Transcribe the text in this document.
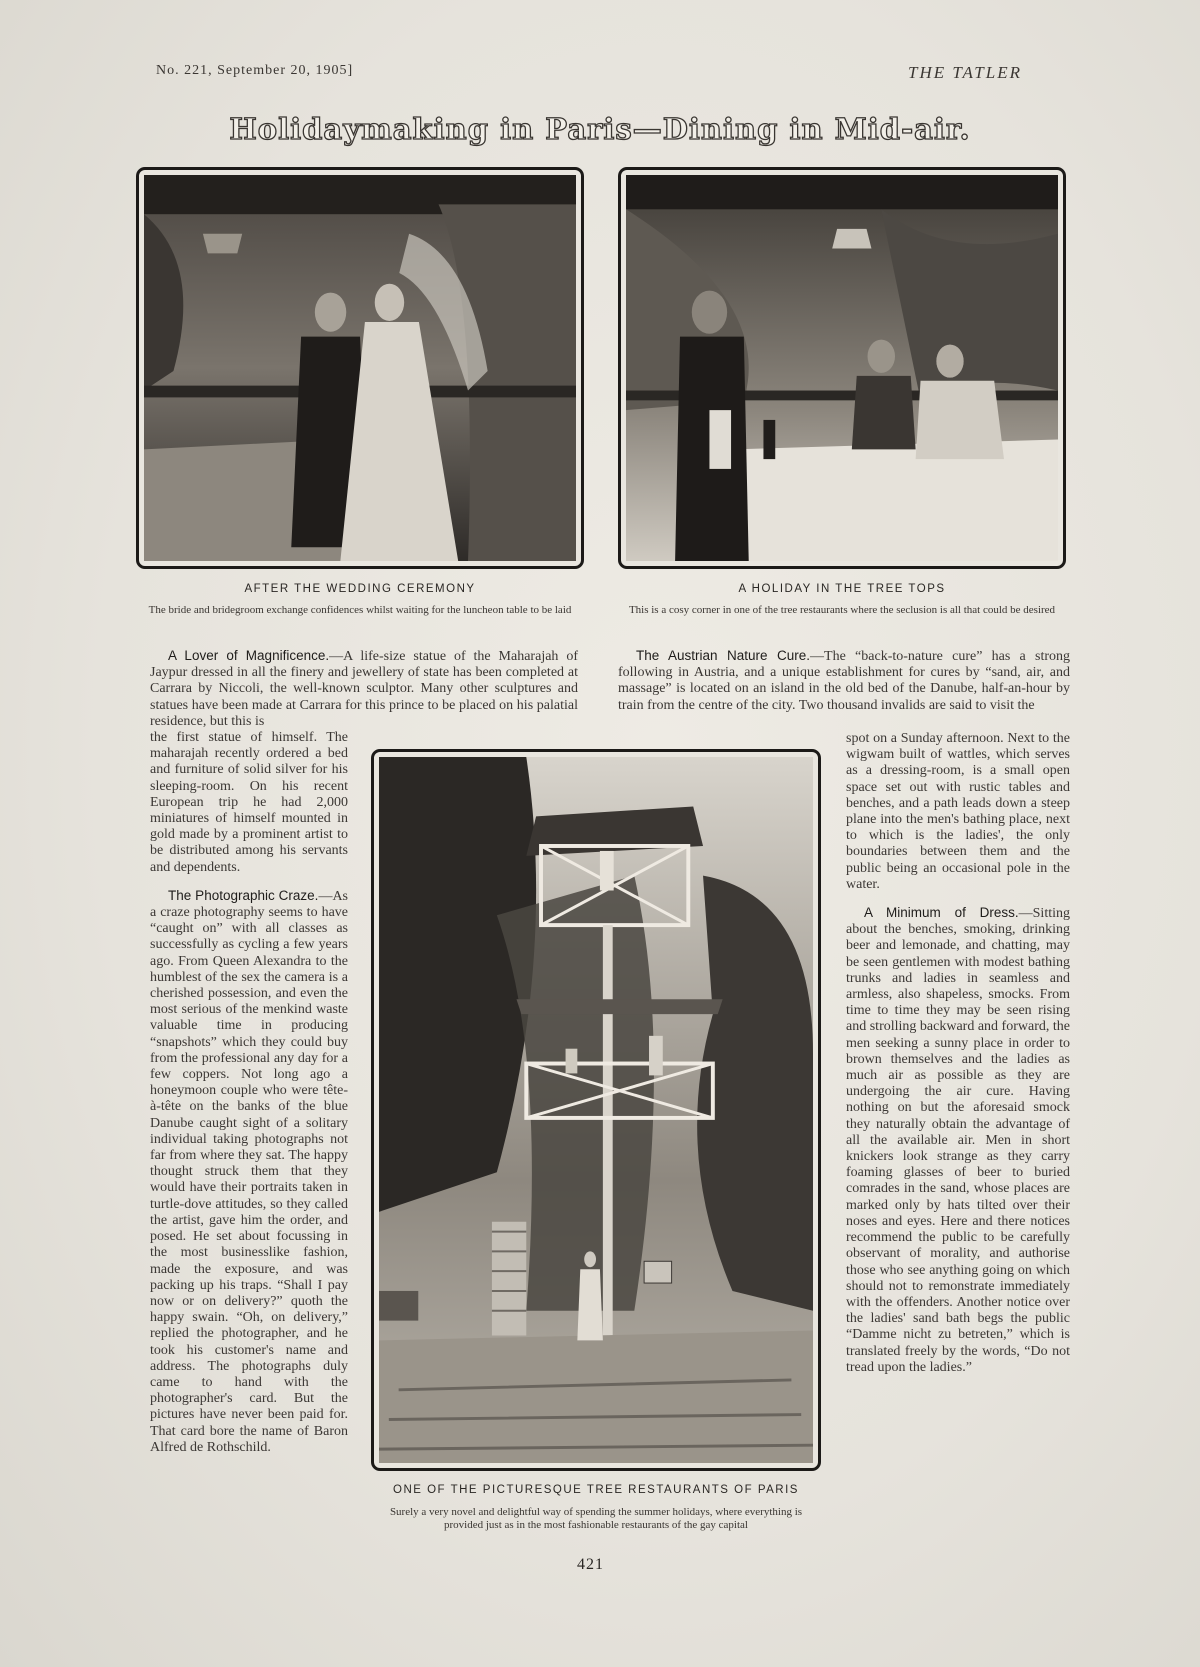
No. 221, September 20, 1905]	THE TATLER
Holidaymaking in Paris—Dining in Mid-air.
AFTER THE WEDDING CEREMONY
The bride and bridegroom exchange confidences whilst waiting for the luncheon table to be laid
A HOLIDAY IN THE TREE TOPS
This is a cosy corner in one of the tree restaurants where the seclusion is all that could be desired

A Lover of Magnificence.—A life-size statue of the Maharajah of Jaypur dressed in all the finery and jewellery of state has been completed at Carrara by Niccoli, the well-known sculptor. Many other sculptures and statues have been made at Carrara for this prince to be placed on his palatial residence, but this is

the first statue of himself. The maharajah recently ordered a bed and furniture of solid silver for his sleeping-room. On his recent European trip he had 2,000 miniatures of himself mounted in gold made by a prominent artist to be distributed among his servants and dependents.

The Photographic Craze.—As a craze photography seems to have “caught on” with all classes as successfully as cycling a few years ago. From Queen Alexandra to the humblest of the sex the camera is a cherished possession, and even the most serious of the menkind waste valuable time in producing “snapshots” which they could buy from the professional any day for a few coppers. Not long ago a honeymoon couple who were tête-à-tête on the banks of the blue Danube caught sight of a solitary individual taking photographs not far from where they sat. The happy thought struck them that they would have their portraits taken in turtle-dove attitudes, so they called the artist, gave him the order, and posed. He set about focussing in the most businesslike fashion, made the exposure, and was packing up his traps. “Shall I pay now or on delivery?” quoth the happy swain. “Oh, on delivery,” replied the photographer, and he took his customer's name and address. The photographs duly came to hand with the photographer's card. But the pictures have never been paid for. That card bore the name of Baron Alfred de Rothschild.

ONE OF THE PICTURESQUE TREE RESTAURANTS OF PARIS
Surely a very novel and delightful way of spending the summer holidays, where everything is provided just as in the most fashionable restaurants of the gay capital

The Austrian Nature Cure.—The “back-to-nature cure” has a strong following in Austria, and a unique establishment for cures by “sand, air, and massage” is located on an island in the old bed of the Danube, half-an-hour by train from the centre of the city. Two thousand invalids are said to visit the

spot on a Sunday afternoon. Next to the wigwam built of wattles, which serves as a dressing-room, is a small open space set out with rustic tables and benches, and a path leads down a steep plane into the men's bathing place, next to which is the ladies', the only boundaries between them and the public being an occasional pole in the water.

A Minimum of Dress.—Sitting about the benches, smoking, drinking beer and lemonade, and chatting, may be seen gentlemen with modest bathing trunks and ladies in seamless and armless, also shapeless, smocks. From time to time they may be seen rising and strolling backward and forward, the men seeking a sunny place in order to brown themselves and the ladies as much air as possible as they are undergoing the air cure. Having nothing on but the aforesaid smock they naturally obtain the advantage of all the available air. Men in short knickers look strange as they carry foaming glasses of beer to buried comrades in the sand, whose places are marked only by hats tilted over their noses and eyes. Here and there notices recommend the public to be carefully observant of morality, and authorise those who see anything going on which should not to remonstrate immediately with the offenders. Another notice over the ladies' sand bath begs the public “Damme nicht zu betreten,” which is translated freely by the words, “Do not tread upon the ladies.”

421
